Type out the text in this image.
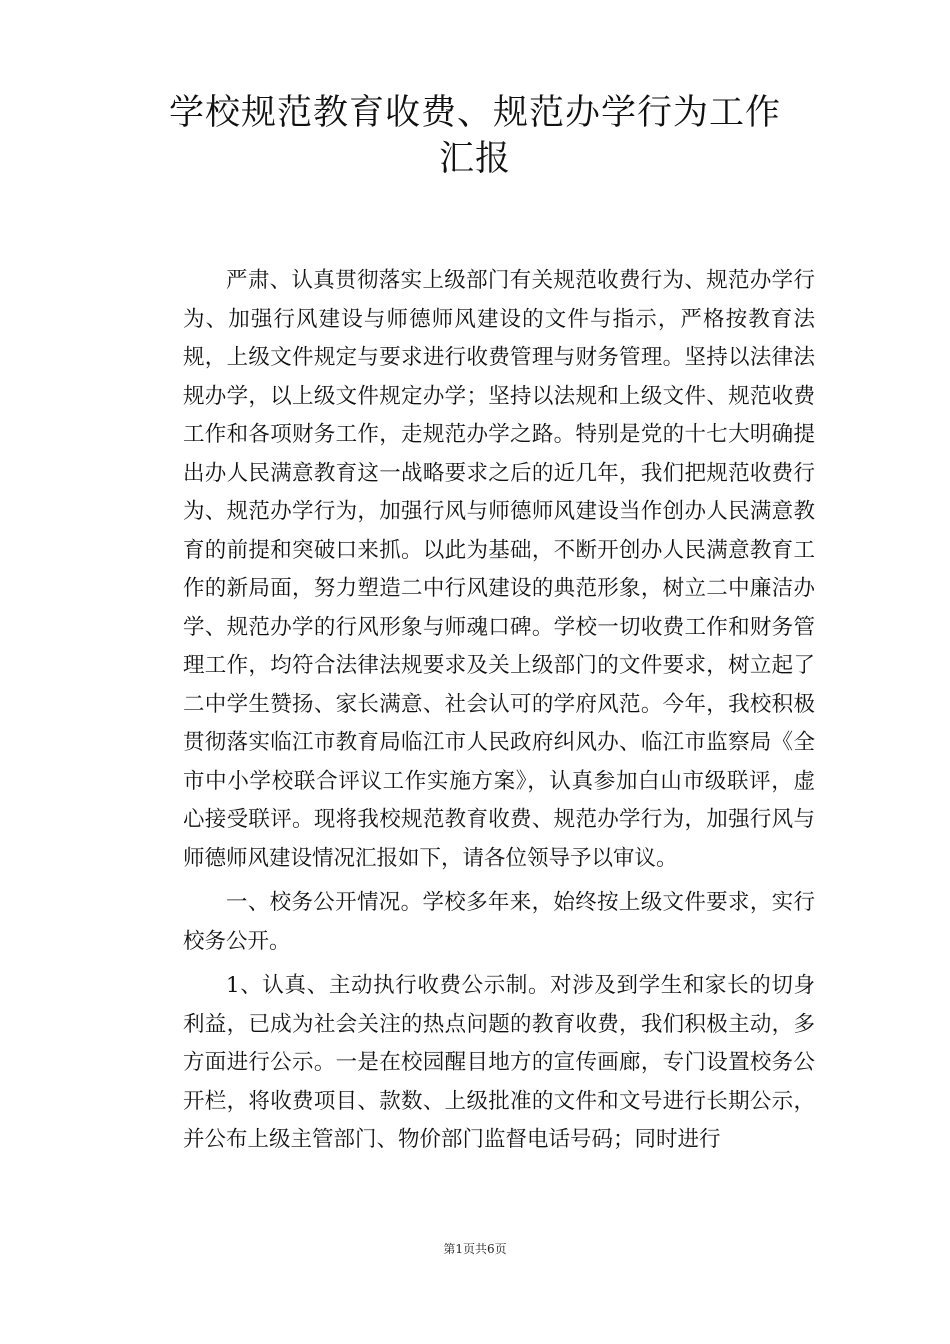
学校规范教育收费、规范办学行为工作
汇报

严肃、认真贯彻落实上级部门有关规范收费行为、规范办学行为、加强行风建设与师德师风建设的文件与指示，严格按教育法规，上级文件规定与要求进行收费管理与财务管理。坚持以法律法规办学，以上级文件规定办学；坚持以法规和上级文件、规范收费工作和各项财务工作，走规范办学之路。特别是党的十七大明确提出办人民满意教育这一战略要求之后的近几年，我们把规范收费行为、规范办学行为，加强行风与师德师风建设当作创办人民满意教育的前提和突破口来抓。以此为基础，不断开创办人民满意教育工作的新局面，努力塑造二中行风建设的典范形象，树立二中廉洁办学、规范办学的行风形象与师魂口碑。学校一切收费工作和财务管理工作，均符合法律法规要求及关上级部门的文件要求，树立起了二中学生赞扬、家长满意、社会认可的学府风范。今年，我校积极贯彻落实临江市教育局临江市人民政府纠风办、临江市监察局《全市中小学校联合评议工作实施方案》，认真参加白山市级联评，虚心接受联评。现将我校规范教育收费、规范办学行为，加强行风与师德师风建设情况汇报如下，请各位领导予以审议。

一、校务公开情况。学校多年来，始终按上级文件要求，实行校务公开。

1、认真、主动执行收费公示制。对涉及到学生和家长的切身利益，已成为社会关注的热点问题的教育收费，我们积极主动，多方面进行公示。一是在校园醒目地方的宣传画廊，专门设置校务公开栏，将收费项目、款数、上级批准的文件和文号进行长期公示，并公布上级主管部门、物价部门监督电话号码；同时进行

第1页共6页
